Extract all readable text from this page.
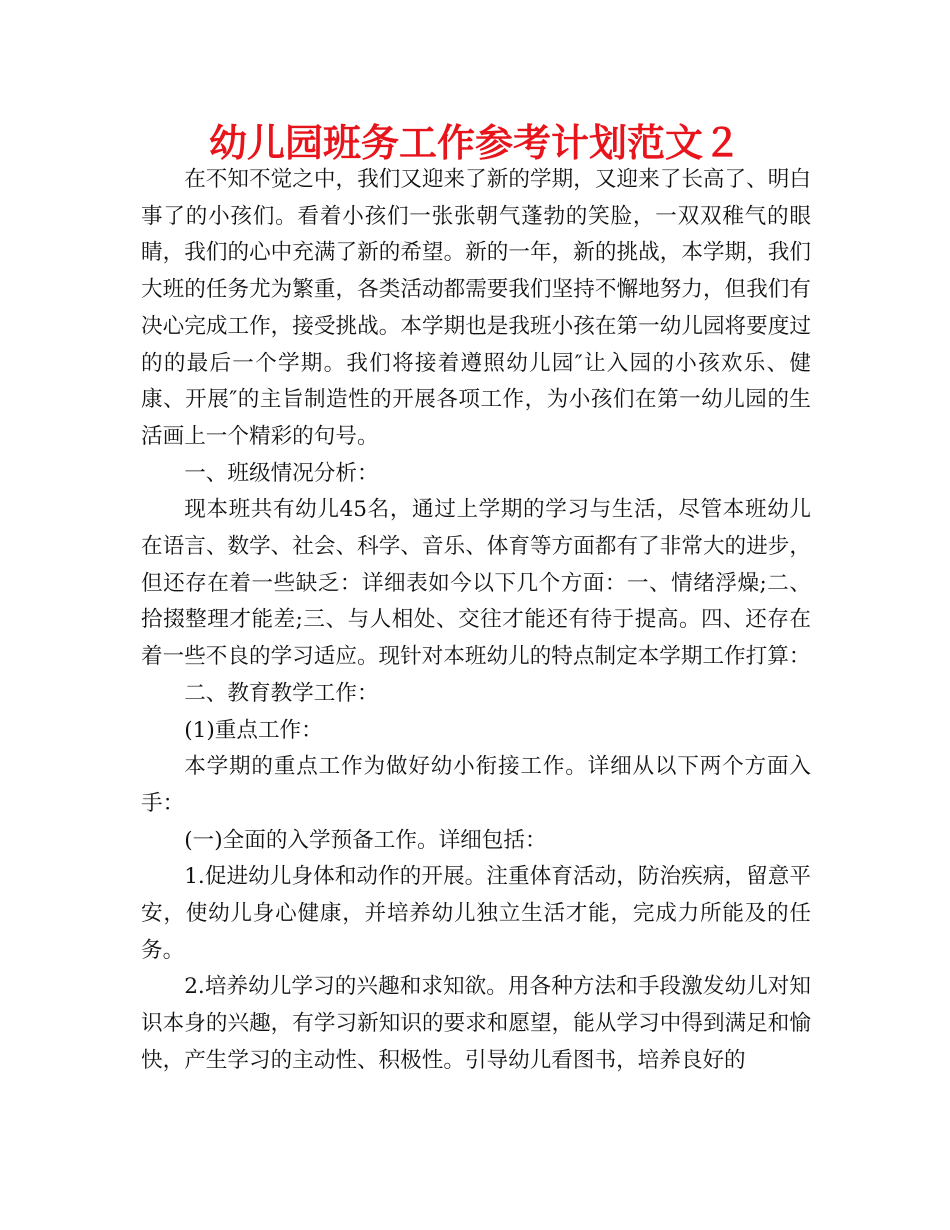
幼儿园班务工作参考计划范文２

在不知不觉之中，我们又迎来了新的学期，又迎来了长高了、明白事了的小孩们。看着小孩们一张张朝气蓬勃的笑脸，一双双稚气的眼睛，我们的心中充满了新的希望。新的一年，新的挑战，本学期，我们大班的任务尤为繁重，各类活动都需要我们坚持不懈地努力，但我们有决心完成工作，接受挑战。本学期也是我班小孩在第一幼儿园将要度过的的最后一个学期。我们将接着遵照幼儿园″让入园的小孩欢乐、健康、开展″的主旨制造性的开展各项工作，为小孩们在第一幼儿园的生活画上一个精彩的句号。

一、班级情况分析：

现本班共有幼儿45名，通过上学期的学习与生活，尽管本班幼儿在语言、数学、社会、科学、音乐、体育等方面都有了非常大的进步，但还存在着一些缺乏：详细表如今以下几个方面：一、情绪浮燥;二、拾掇整理才能差;三、与人相处、交往才能还有待于提高。四、还存在着一些不良的学习适应。现针对本班幼儿的特点制定本学期工作打算：

二、教育教学工作：

(1)重点工作：

本学期的重点工作为做好幼小衔接工作。详细从以下两个方面入手：

(一)全面的入学预备工作。详细包括：

1.促进幼儿身体和动作的开展。注重体育活动，防治疾病，留意平安，使幼儿身心健康，并培养幼儿独立生活才能，完成力所能及的任务。

2.培养幼儿学习的兴趣和求知欲。用各种方法和手段激发幼儿对知识本身的兴趣，有学习新知识的要求和愿望，能从学习中得到满足和愉快，产生学习的主动性、积极性。引导幼儿看图书，培养良好的
